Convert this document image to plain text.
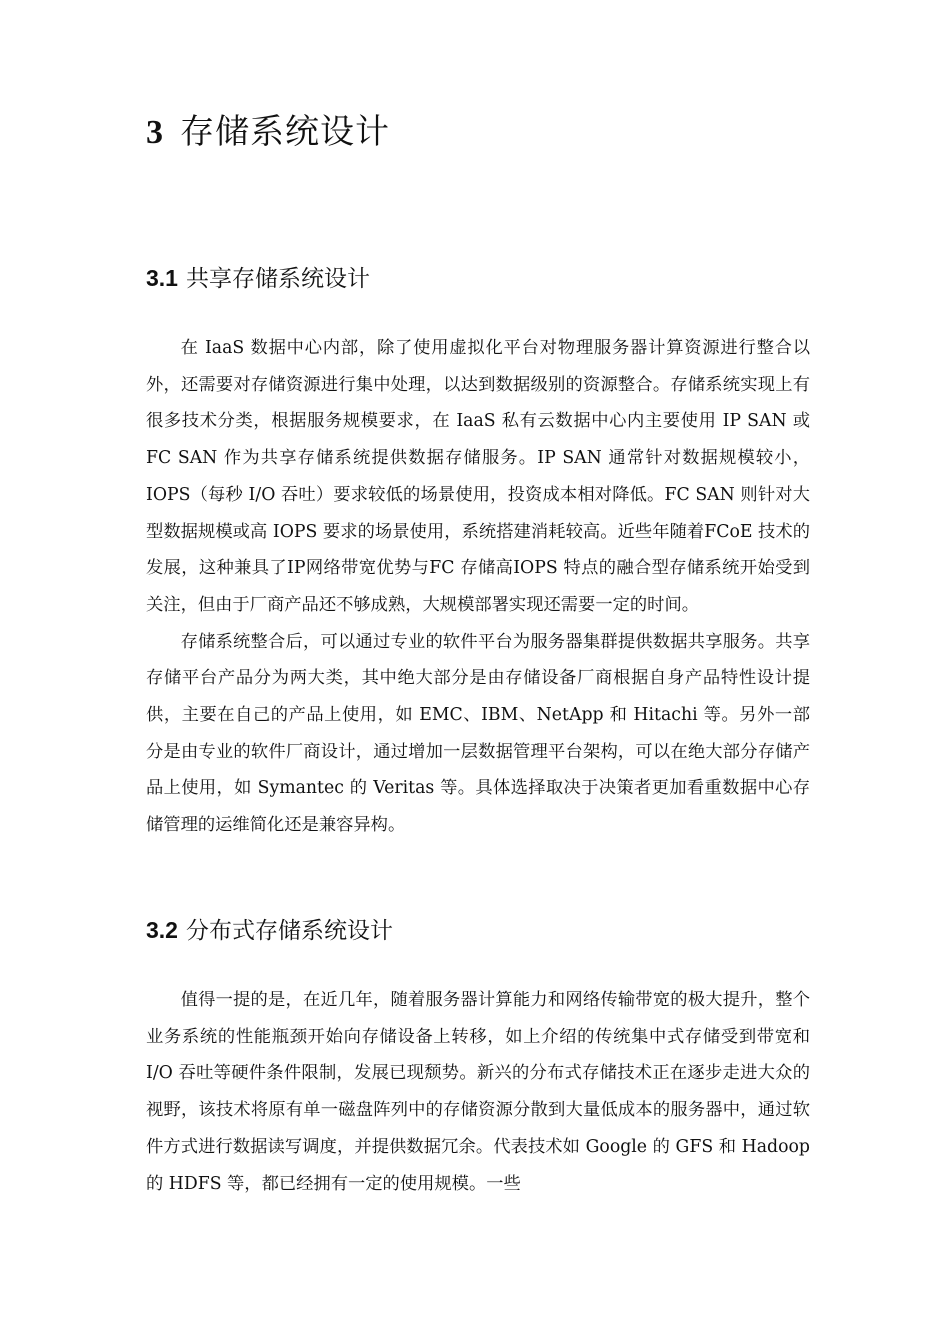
3 存储系统设计
3.1 共享存储系统设计

在 IaaS 数据中心内部，除了使用虚拟化平台对物理服务器计算资源进行整合以外，还需要对存储资源进行集中处理，以达到数据级别的资源整合。存储系统实现上有很多技术分类，根据服务规模要求，在 IaaS 私有云数据中心内主要使用 IP SAN 或 FC SAN 作为共享存储系统提供数据存储服务。IP SAN 通常针对数据规模较小，IOPS（每秒 I/O 吞吐）要求较低的场景使用，投资成本相对降低。FC SAN 则针对大型数据规模或高 IOPS 要求的场景使用，系统搭建消耗较高。近些年随着FCoE 技术的发展，这种兼具了IP网络带宽优势与FC 存储高IOPS 特点的融合型存储系统开始受到关注，但由于厂商产品还不够成熟，大规模部署实现还需要一定的时间。

存储系统整合后，可以通过专业的软件平台为服务器集群提供数据共享服务。共享存储平台产品分为两大类，其中绝大部分是由存储设备厂商根据自身产品特性设计提供，主要在自己的产品上使用，如 EMC、IBM、NetApp 和 Hitachi 等。另外一部分是由专业的软件厂商设计，通过增加一层数据管理平台架构，可以在绝大部分存储产品上使用，如 Symantec 的 Veritas 等。具体选择取决于决策者更加看重数据中心存储管理的运维简化还是兼容异构。

3.2 分布式存储系统设计

值得一提的是，在近几年，随着服务器计算能力和网络传输带宽的极大提升，整个业务系统的性能瓶颈开始向存储设备上转移，如上介绍的传统集中式存储受到带宽和 I/O 吞吐等硬件条件限制，发展已现颓势。新兴的分布式存储技术正在逐步走进大众的视野，该技术将原有单一磁盘阵列中的存储资源分散到大量低成本的服务器中，通过软件方式进行数据读写调度，并提供数据冗余。代表技术如 Google 的 GFS 和 Hadoop 的 HDFS 等，都已经拥有一定的使用规模。一些
